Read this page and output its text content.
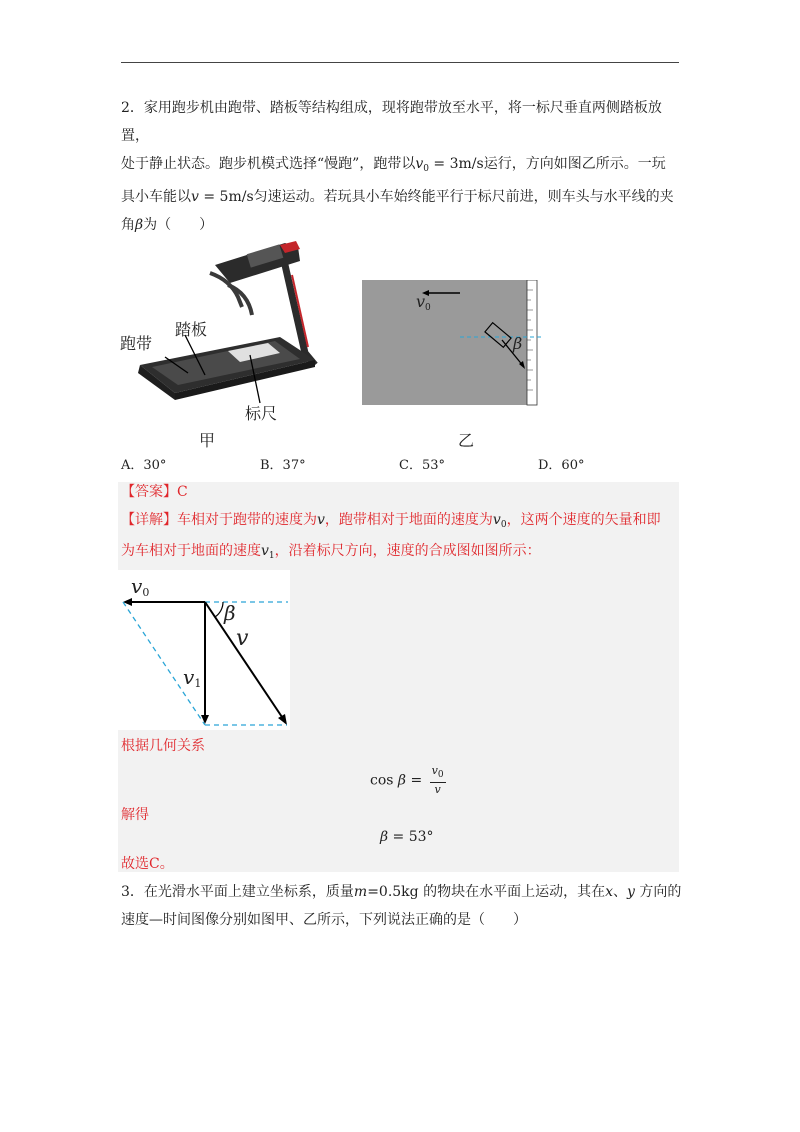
2．家用跑步机由跑带、踏板等结构组成，现将跑带放至水平，将一标尺垂直两侧踏板放置，

处于静止状态。跑步机模式选择“慢跑”，跑带以$v_0 = 3m/s$运行，方向如图乙所示。一玩

具小车能以v = 5m/s匀速运动。若玩具小车始终能平行于标尺前进，则车头与水平线的夹

角β为（　　）

跑带
踏板
标尺
甲
$v_0$
β
乙
A．30°	B．37°	C．53°	D．60°
【答案】C
【详解】车相对于跑带的速度为v，跑带相对于地面的速度为$v_0$，这两个速度的矢量和即
为车相对于地面的速度$v_1$，沿着标尺方向，速度的合成图如图所示：
$v_0$
β
v
$v_1$
根据几何关系
$\cos \beta = \frac{v_0}{v}$
解得
β = 53°
故选C。

3．在光滑水平面上建立坐标系，质量m=0.5kg 的物块在水平面上运动，其在x、y 方向的

速度—时间图像分别如图甲、乙所示，下列说法正确的是（　　）
